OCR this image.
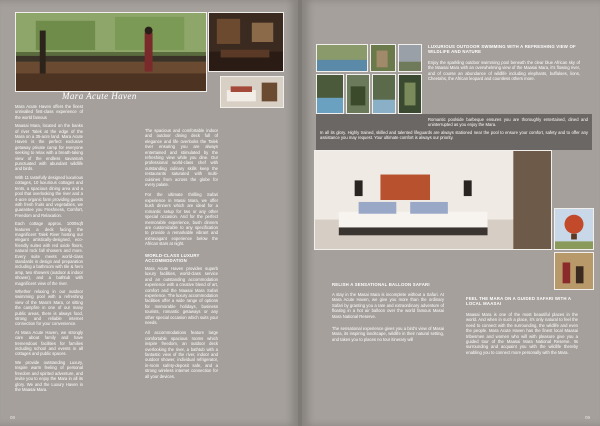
Mara Acute Haven
Mara Acute Haven offers the finest unrivalled first-class experience of the world famous
Maasai Mara, located on the banks of river Talek at the edge of the Mara on a 35-acre land. Mara Acute Haven is the perfect exclusive getaway private camp for everyone seeking to relax with a breath-taking view of the endless savannah punctuated with abundant wildlife and birds.
With 11 tastefully designed luxurious cottages, 10 luxurious cottages and tents, a spacious dining area and a pool that overlooking the river and a 4-acre organic farm providing guests with fresh fruits and vegetables, we guarantee you Freshness, Comfort, Freedom and Relaxation.
Each cottage approx. 1000sqft features a deck facing the magnificent Talek River hosting our elegant artistically-designed, eco-friendly suites with red oxide floors, natural rock fall showers and more. Every suite meets world-class standards in design and preparation including a bathroom with tile & hero amp, two showers (outdoor & indoor shower), and a bathtub with magnificent view of the river.
Whether relaxing in our outdoor swimming pool with a refreshing view of the Mara's Mara, or sitting the campfire in one of our many public areas, there is always food, strong and reliable internet connection for your convenience.
At Mara Acute Haven, we strongly care about family and have tremendous facilities for families including school and events in all cottages and public spaces.
We provide outstanding Luxury, Inspire warm feeling of personal freedom and spirited adventure, and invite you to enjoy the Mara in all its glory. We and the Luxury Haven in the Maasai Mara.
The spacious and comfortable indoor and outdoor dining deck full of elegance and life overlooks the Talek river ensuring you are always entertained and stimulated by the refreshing view while you dine. Our professional world-class chef with outstanding culinary skills keep the restaurants saturated with multi-cuisines from across the globe for every palate.
For the ultimate thrilling Safari experience in Masai Mara, we offer bush dinners which are ideal for a romantic setup for two or any other special occasion. And for the perfect memorable experience, bush dinners are customizable to any specification to provide a remarkable vibrant and extravagant experience below the African stars at night.
WORLD-CLASS LUXURY ACCOMMODATION
Mara Acute Haven provides superb luxury facilities, world-class service and an outstanding accommodation experience with a creative blend of art, comfort and the Maasai Mara Safari experience. The luxury accommodation facilities offer a wide range of options for memorable holidays, business tourists, romantic getaways or any other special occasion which suits your needs.
All accommodations feature large comfortable spacious rooms which inspire freedom, an outdoor deck overlooking the river, a bathtub with a fantastic view of the river, indoor and outdoor shower, individual refrigerator, in-room safety-deposit safe, and a strong wireless internet connection for all your devices.
08
LUXURIOUS OUTDOOR SWIMMING WITH A REFRESHING VIEW OF WILDLIFE AND NATURE
Enjoy the sparkling outdoor swimming pool beneath the clear blue African sky of the Maasai Mara with an overwhelming view of the Maasai Mara, it's flowing river, and of course an abundance of wildlife including elephants, buffaloes, lions, Cheetahs, the African leopard and countless others more.
Romantic poolside barbeque ensures you are thoroughly entertained, dined and uninterrupted as you enjoy the Mara.
In all its glory. Highly trained, skilled and talented lifeguards are always stationed near the pool to ensure your comfort, safety and to offer any assistance you may request. Your ultimate comfort is always our priority.
RELISH A SENSATIONAL BALLOON SAFARI
A stay in the Masai Mara is incomplete without a Safari. At Mara Acute Haven, we give you more than the ordinary Safari by granting you a rare and extraordinary adventure of floating in a hot air balloon over the world famous Masai Mara National Reserve.
The sensational experience gives you a bird's view of Masai Mara, its inspiring landscape, wildlife in their natural setting, and takes you to places no tour itinerary will
FEEL THE MARA ON A GUIDED SAFARI WITH A LOCAL MAASAI
Maasai Mara is one of the most beautiful places in the world. And when in such a place, it's only natural to feel the need to connect with the surrounding, the wildlife and even the people. Mara Acute Haven has the finest local Maasai tribesmen and women who will with pleasure give you a guided tour of the Maasai Mara National Reserve. Its surrounding and acquaint you with the wildlife thereby enabling you to connect more personally with the Mara.
09
